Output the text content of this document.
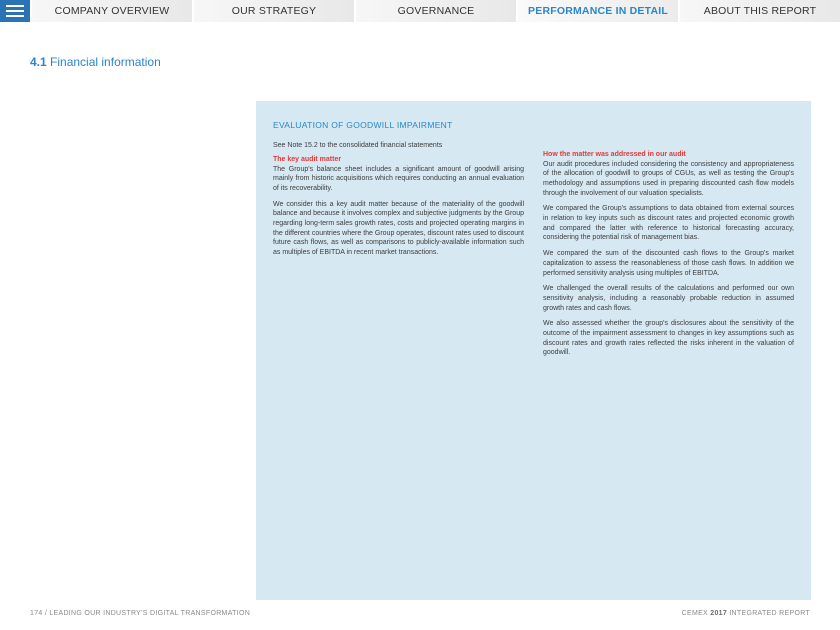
COMPANY OVERVIEW	OUR STRATEGY	GOVERNANCE	PERFORMANCE IN DETAIL	ABOUT THIS REPORT
4.1 Financial information
EVALUATION OF GOODWILL IMPAIRMENT
See Note 15.2 to the consolidated financial statements
The key audit matter

The Group's balance sheet includes a significant amount of goodwill arising mainly from historic acquisitions which requires conducting an annual evaluation of its recoverability.

We consider this a key audit matter because of the materiality of the goodwill balance and because it involves complex and subjective judgments by the Group regarding long-term sales growth rates, costs and projected operating margins in the different countries where the Group operates, discount rates used to discount future cash flows, as well as comparisons to publicly-available information such as multiples of EBITDA in recent market transactions.

How the matter was addressed in our audit

Our audit procedures included considering the consistency and appropriateness of the allocation of goodwill to groups of CGUs, as well as testing the Group's methodology and assumptions used in preparing discounted cash flow models through the involvement of our valuation specialists.

We compared the Group's assumptions to data obtained from external sources in relation to key inputs such as discount rates and projected economic growth and compared the latter with reference to historical forecasting accuracy, considering the potential risk of management bias.

We compared the sum of the discounted cash flows to the Group's market capitalization to assess the reasonableness of those cash flows. In addition we performed sensitivity analysis using multiples of EBITDA.

We challenged the overall results of the calculations and performed our own sensitivity analysis, including a reasonably probable reduction in assumed growth rates and cash flows.

We also assessed whether the group's disclosures about the sensitivity of the outcome of the impairment assessment to changes in key assumptions such as discount rates and growth rates reflected the risks inherent in the valuation of goodwill.

174 / LEADING OUR INDUSTRY'S DIGITAL TRANSFORMATION	CEMEX 2017 INTEGRATED REPORT
